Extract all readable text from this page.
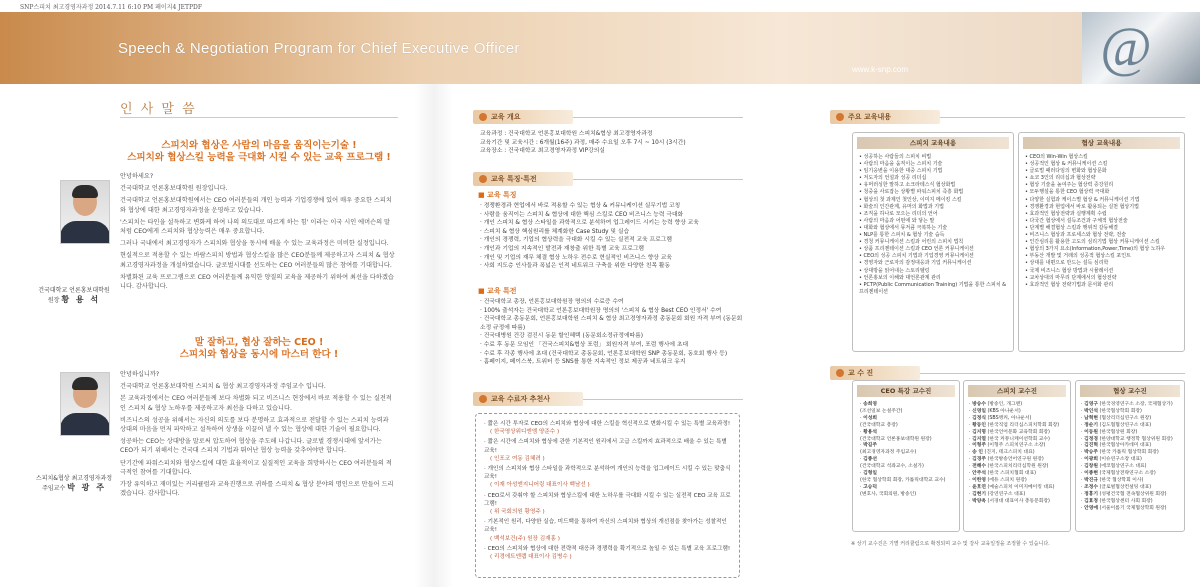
SNP스피치 최고경영자과정 2014.7.11 6:10 PM 페이지4 JETPDF
Speech & Negotiation Program for Chief Executive Officer
www.k-snp.com	@
인 사 말 씀
스피치와 협상은 사람의 마음을 움직이는기술 !
스피치와 협상스킬 능력을 극대화 시킬 수 있는 교육 프로그램 !

안녕하세요?

건국대학교 언론홍보대학원 원장입니다.

건국대학교 언론홍보대학원에서는 CEO 여러분들의 개인 능력과 기업경쟁에 있어 매우 중요한 스피치와 협상에 대한 최고경영자과정을 운영하고 있습니다.

'스피치는 타인을 설득하고 변화케 하여 나의 의도대로 따르게 하는 힘' 이라는 이국 시인 에머슨의 말처럼 CEO에게 스피치와 협상능력은 매우 중요합니다.

그러나 국내에서 최고경영자가 스피치와 협상을 동시에 배울 수 있는 교육과정은 미비한 실정입니다.

현실적으로 적용할 수 있는 바람스피치 방법과 협상스킬을 많은 CEO분들께 제공하고자 스피치 & 협상 최고경영자과정을 개설하였습니다. 글로벌시대를 선도하는 CEO 여러분들의 많은 참여를 기대합니다.

차별화된 교육 프로그램으로 CEO 여러분들께 유익한 양질의 교육을 제공하기 위하여 최선을 다하겠습니다. 감사합니다.

건국대학교 언론홍보대학원
원장 황 용 석
말 잘하고, 협상 잘하는 CEO !
스피치와 협상을 동시에 마스터 한다 !

안녕하십니까?

건국대학교 언론홍보대학원 스피치 & 협상 최고경영자과정 주임교수 입니다.

본 교육과정에서는 CEO 여러분들께 보다 차별화 되고 비즈니스 현장에서 바로 적용할 수 있는 실전적인 스피치 & 협상 노하우를 제공하고자 최선을 다하고 있습니다.

비즈니스의 성공을 위해서는 자신의 의도를 보다 분명하고 효과적으로 전달할 수 있는 스피치 능력과 상대의 마음을 먼저 파악하고 설득하여 상생을 이끌어 낼 수 있는 협상에 대한 기술이 필요합니다.

성공하는 CEO는 상대방을 말로써 압도하여 협상을 주도해 나갑니다. 글로벌 경쟁시대에 앞서가는 CEO가 되기 위해서는 건국대 스피치 기법과 뛰어난 협상 능력을 갖추어야만 합니다.

단기간에 파워스피치와 협상스킬에 대한 효율적이고 실질적인 교육을 희망하시는 CEO 여러분들의 적극적인 참여를 기대합니다.

가장 유익하고 재미있는 커리큘럼과 교육진행으로 귀하를 스피치 & 협상 분야의 명인으로 만들어 드리겠습니다. 감사합니다.

스피치&협상 최고경영자과정
주임교수 박 광 주
교육 개요
교육과정 : 건국대학교 언론홍보대학원 스피치&협상 최고경영자과정
교육기간 및 교육시간 : 6개월(16주) 과정, 매주 수요일 오후 7시 ~ 10시 (3시간)
교육장소 : 건국대학교 최고경영자과정 VIP강의실
교육 특징·특전
■ 교육 특징
· 경쟁환경과 현업에서 바로 적용할 수 있는 협상 & 커뮤니케이션 실무기법 코칭
· 사람을 움직이는 스피치 & 협상에 대한 핵심 스킬로 CEO 비즈니스 능력 극대화
· 개인 스피치 & 협상 스타일을 과학적으로 분석하여 업그레이드 시키는 능력 향상 교육
· 스피치 & 협상 핵심원리를 체계화한 Case Study 및 실습
· 개인의 경쟁력, 기업의 협상력을 극대화 시킬 수 있는 실전적 교육 프로그램
· 개인과 기업의 지속적인 발전과 재창출 위한 특별 교육 프로그램
· 개인 및 기업의 재무 체결 협상 노하우 전수로 현실적인 비즈니스 향상 교육
· 사회 지도층 인사들과 폭넓은 인적 네트워크 구축을 위한 다양한 친목 활동
■ 교육 특전
· 건국대학교 총장, 언론홍보대학원장 명의의 수료증 수여
· 100% 출석자는 건국대학교 언론홍보대학원장 명의의 '스피치 & 협상 Best CEO 인정서' 수여
· 건국대학교 총동문회, 언론홍보대학원 스피치 & 협상 최고경영자과정 총동문회 회원 자격 부여 (동문회 소정 규정에 따름)
· 건국대병원 건강 검진시 동문 할인혜택 (동문회소정규정에따름)
· 수료 후 동문 모임인 「건국스피치&협상 포럼」 회원자격 부여, 포럼 행사에 초대
· 수료 후 각종 행사에 초대 (건국대학교 총동문회, 언론홍보대학원 SNP 총동문회, 동호회 행사 등)
· 홈페이지, 페이스북, 트위터 등 SNS를 통한 지속적인 정보 제공과 네트워크 유지
교육 수료자 추천사
· 짧은 시간 투자로 CEO의 스피치와 협상에 대한 스킬을 혁신적으로 변화시킬 수 있는 특별 교육과정!
( 한국영상위디엔엠 양준수 )
· 짧은 시간에 스피치와 협상에 관한 기본적인 원리에서 고급 스킬까지 효과적으로 배울 수 있는 특별 교육!
( 인포코 여동 김혜려 )
· 개인의 스피치와 협상 스타일을 과학적으로 분석하여 개인의 능력을 업그레이드 시킬 수 있는 맞춤식 교육!
( 이재 아성엔지니어링 대표이사 백남선 )
· CEO로서 갖춰야 할 스피치와 협상스킬에 대한 노하우를 극대화 시킬 수 있는 실전적 CEO 교육 프로그램!
( 위 국회의원 황영주 )
· 기본적인 원리, 다양한 실습, 미드백을 통하여 자신의 스피치와 협상의 개선점을 찾아가는 성찰적인 교육!
( 백석보건(주) 원장 김재홍 )
· CEO의 스피치와 협상에 대한 전략적 대응과 경쟁력을 확기적으로 높일 수 있는 특별 교육 프로그램!
( 리경에트엔랩 대표이사 김병수 )
주요 교육내용
스피치 교육내용
• 성공하는 사람들의 스피치 비법
• 사람의 마음을 움직이는 스피치 기술
• 임기응변을 이용한 대중 스피치 기법
• 저도자의 언설과 성공 리더십
• 유머러싱한 말하고 소크라테스식 협상화법
• 청중을 사로잡는 상황별 파워스피치 즉흥 화법
• 협상의 첫 과제인 첫인상, 이미지 메이킹 스킬
• 화술의 인간관계, 유머의 화법과 기법
• 조직을 하나로 모으는 리더의 언어
• 사람의 마음과 어떤에 와 닿는 말
• 대화와 협상에서 뮤저큼 극복하는 기술
• NLP를 통한 스피치 & 협상 기술 습득
• 경청 커뮤니케이션 스킬과 어린의 스피치 법칙
• 상품 프리젠테이션 스킬과 CEO 언론 커뮤니케이션
• CEO의 성공 스피치 기법과 기업경영 커뮤니케이션
• 경영자와 근로자의 감정대응과 기업 커뮤니케이션
• 상대방을 읽어내는 스토리텔링
• 언론홍보의 이해와 대언론관계 관리
• PCTP(Public Communication Training) 기법을 통한 스피치 & 프리젠테이션
협상 교육내용
• CEO의 Win-Win 협상스킬
• 성공적인 협상 & 커뮤니케이션 스킬
• 글로벌 패러다임의 변화와 협상문화
• 쇼코 3인의 리더십과 협상전략
• 협상 기술을 높여주는 협상력 증강원리
• 모두행설을 통한 CEO 협상력 극대화
• 다양한 실험과 케이스별 협상 & 커뮤니케이션 기법
• 경쟁환경과 현업에서 바로 활용되는 실천 협상기법
• 효과적인 협상전략과 실행계획 수립
• 다국간 협상에서 설득조건과 구체적 협상전술
• 단계별 해결협상 스킬과 행위적 갈등해결
• 비즈니스 협상과 프로세스와 협상 전략, 전술
• 인간심리를 활용한 고도의 심리기법 협상 커뮤니케이션 스킬
• 협상의 3가지 요소(Information,Power,Time)의 협상 노하우
• 부동산 개발 및 거래의 성공적 협상스킬 포인트
• 상대를 내편으로 만드는 설득 심리학
• 국제 비즈니스 협상 방법과 시뮬레이션
• 교차상대의 마무리 단계에서의 협상전략
• 효과적인 협상 전략기법과 문서화 관리
교 수 진
CEO 특강 교수진
· 송희영
(조선일보 논설주간)
· 이성희
(건국대학교 총장)
· 황용석
(건국대학교 언론홍보대학원 원장)
· 박길주
(최고경영자과정 주임교수)
· 김종선
(건국대학교 석좌교수, 소설가)
· 김형일
(한국 협상학회 회장, 카톨릭대학교 교수)
· 고승덕
(변호사, 국회의원, 방송인)
스피치 교수진
· 방송수 (방송인, 개그맨)
· 신영일 (KBS 아나운서)
· 김정식 (SBS앵커, 아나운서)
· 황동인 (한국직업 리더십스피치학회 회장)
· 김지명 (한국언어문화 교육학회 회장)
· 김지열 (한국 커뮤니케이션학회 교수)
· 이형주 (이형주 스피치연구소 소장)
· 송 인 (진지, 테크스피치 대표)
· 김경주 (한국방송언어연구원 원장)
· 전해수 (한국스피치리더십학원 원장)
· 안주석 (한국 스피치협회 대표)
· 이한영 (에듀 스피치 원장)
· 윤호연 (예술스피치 이미지메이킹 대표)
· 김현기 (강연연구소 대표)
· 박양옥 (서경대 대표이사 총동문회장)
협상 교수진
· 김영구 (한국경영연구소 소장, 국제협상가)
· 박인석 (한국협상학회 회장)
· 남혁현 (협상리더십연구소 원장)
· 정순기 (김도협협상연구소 대표)
· 이동원 (한국협상원 회장)
· 김정경 (한양대학교 행정학 협상위원 회장)
· 김진혁 (한국협상아카데미 대표)
· 박승주 (한국 카톨릭 협상학회 회장)
· 이광희 (이슈연구소장 대표)
· 김창원 (에코협상연구소 대표)
· 이종현 (국제협상전략연구소 소장)
· 박진규 (한국 협상학회 이사)
· 조정수 (글로벌협상컨설팅 대표)
· 정홍기 (성평건국협 전속협상위원 회장)
· 김효정 (한국협상센터 사회 회장)
· 안영애 (서울이롭기 국제협상학회 원장)
※ 상기 교수진은 기별 커리큘럼으로 확정되며 교수 및 강사 교육일정을 조정할 수 있습니다.
